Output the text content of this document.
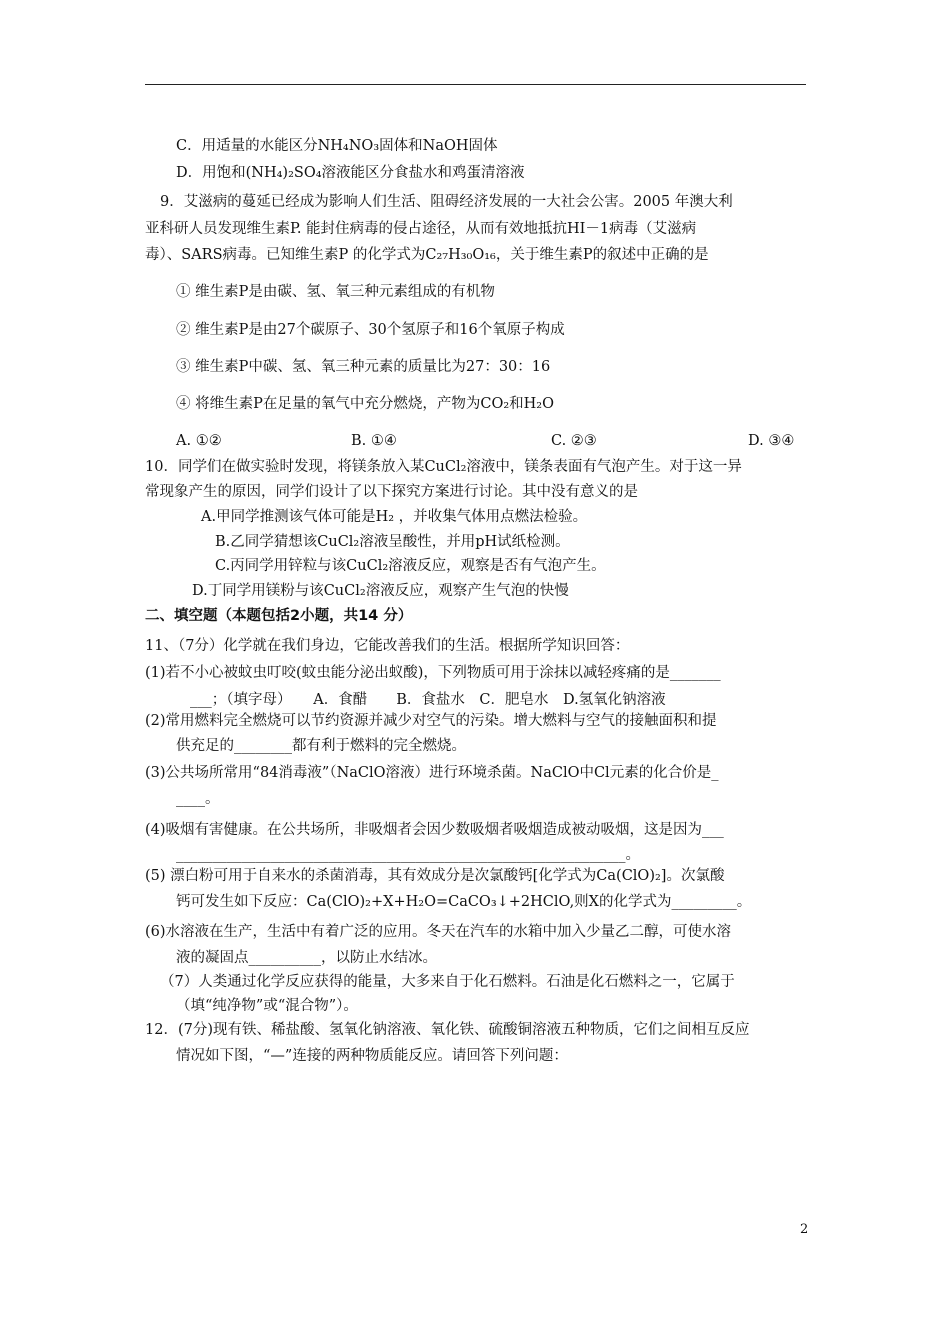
C．用适量的水能区分NH₄NO₃固体和NaOH固体
D．用饱和(NH₄)₂SO₄溶液能区分食盐水和鸡蛋清溶液
9．艾滋病的蔓延已经成为影响人们生活、阻碍经济发展的一大社会公害。2005 年澳大利
亚科研人员发现维生素P. 能封住病毒的侵占途径，从而有效地抵抗HI－1病毒（艾滋病
毒）、SARS病毒。已知维生素P 的化学式为C₂₇H₃₀O₁₆，关于维生素P的叙述中正确的是
① 维生素P是由碳、氢、氧三种元素组成的有机物
② 维生素P是由27个碳原子、30个氢原子和16个氧原子构成
③ 维生素P中碳、氢、氧三种元素的质量比为27：30：16
④ 将维生素P在足量的氧气中充分燃烧，产物为CO₂和H₂O
A. ①②	B. ①④	C. ②③	D. ③④
10．同学们在做实验时发现，将镁条放入某CuCl₂溶液中，镁条表面有气泡产生。对于这一异
常现象产生的原因，同学们设计了以下探究方案进行讨论。其中没有意义的是
A.甲同学推测该气体可能是H₂ ，并收集气体用点燃法检验。
B.乙同学猜想该CuCl₂溶液呈酸性，并用pH试纸检测。
C.丙同学用锌粒与该CuCl₂溶液反应，观察是否有气泡产生。
D.丁同学用镁粉与该CuCl₂溶液反应，观察产生气泡的快慢
二、填空题（本题包括2小题，共14 分）
11、（7分）化学就在我们身边，它能改善我们的生活。根据所学知识回答：
(1)若不小心被蚊虫叮咬(蚊虫能分泌出蚁酸)，下列物质可用于涂抹以减轻疼痛的是_______
___；（填字母）　　A．食醋　　B．食盐水　C．肥皂水　D.氢氧化钠溶液
(2)常用燃料完全燃烧可以节约资源并减少对空气的污染。增大燃料与空气的接触面积和提
供充足的________都有利于燃料的完全燃烧。
(3)公共场所常用“84消毒液”（NaClO溶液）进行环境杀菌。NaClO中Cl元素的化合价是_
____。
(4)吸烟有害健康。在公共场所，非吸烟者会因少数吸烟者吸烟造成被动吸烟，这是因为___
______________________________________________________________。
(5) 漂白粉可用于自来水的杀菌消毒，其有效成分是次氯酸钙[化学式为Ca(ClO)₂]。次氯酸
钙可发生如下反应：Ca(ClO)₂+X+H₂O=CaCO₃↓+2HClO,则X的化学式为_________。
(6)水溶液在生产，生活中有着广泛的应用。冬天在汽车的水箱中加入少量乙二醇，可使水溶
液的凝固点__________，以防止水结冰。
（7）人类通过化学反应获得的能量，大多来自于化石燃料。石油是化石燃料之一，它属于
（填“纯净物”或“混合物”）。
12．(7分)现有铁、稀盐酸、氢氧化钠溶液、氧化铁、硫酸铜溶液五种物质，它们之间相互反应
情况如下图，“—”连接的两种物质能反应。请回答下列问题：
2
